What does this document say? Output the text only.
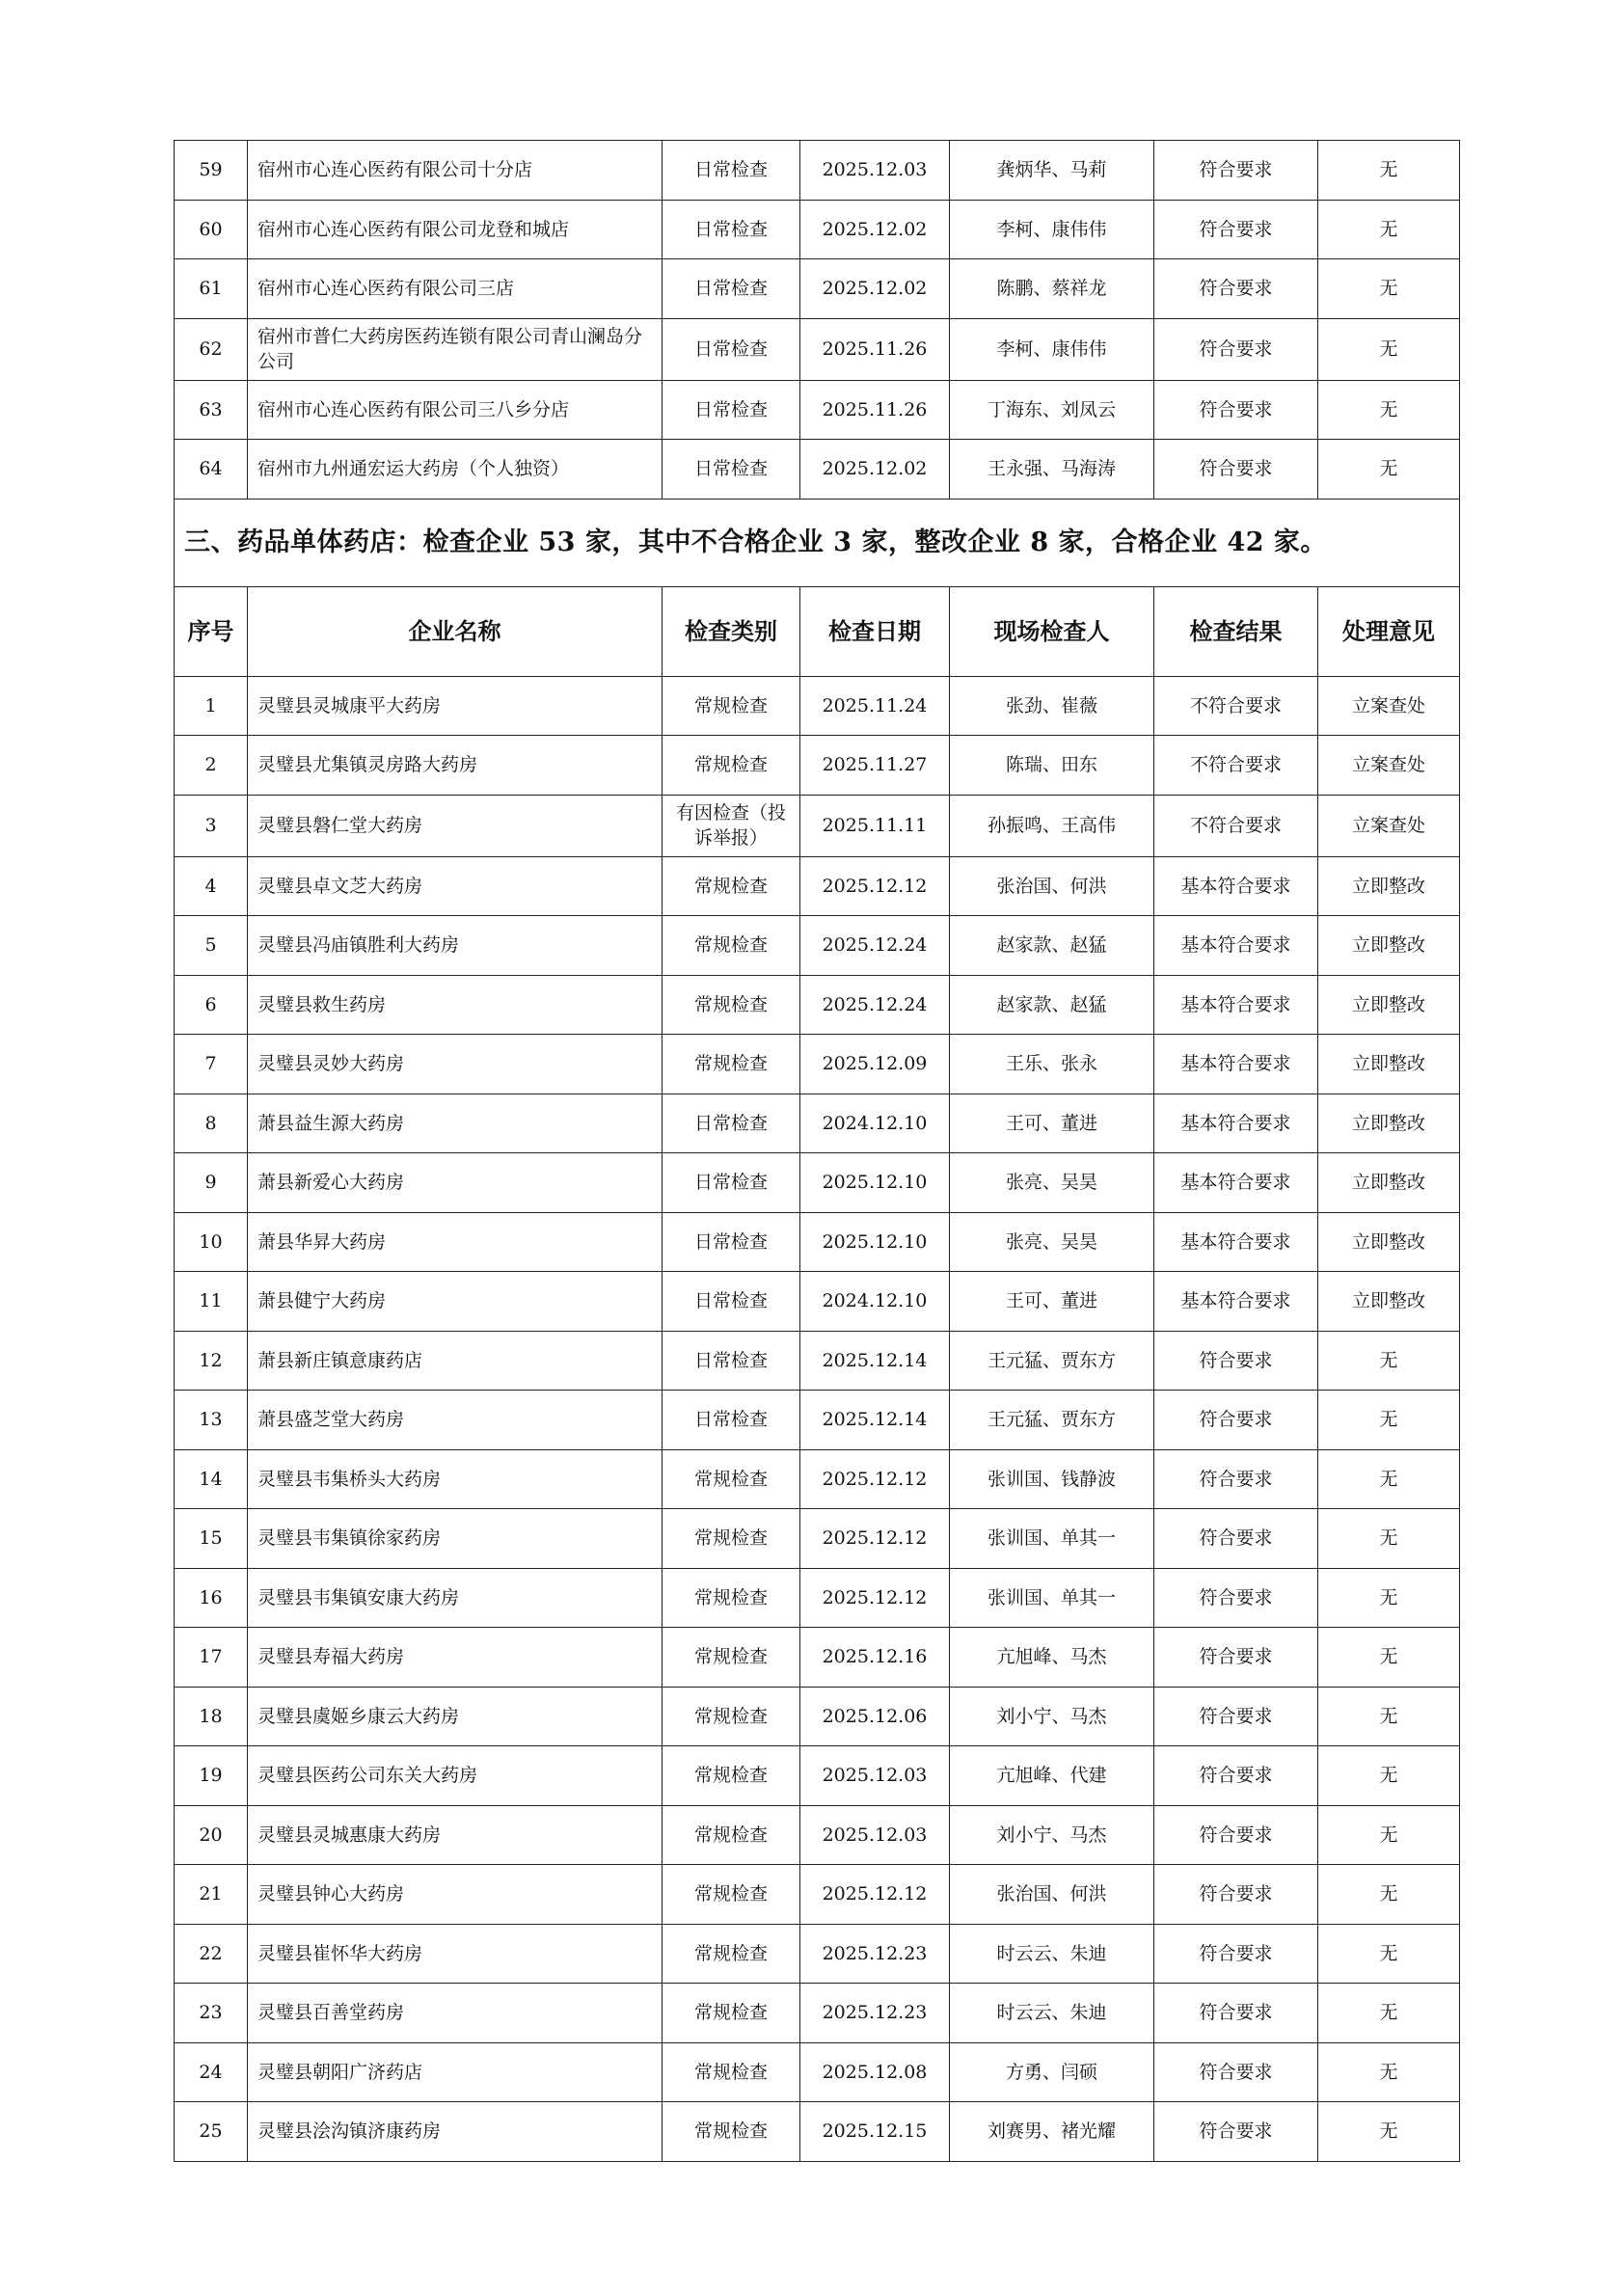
59	宿州市心连心医药有限公司十分店	日常检查	2025.12.03	龚炳华、马莉	符合要求	无
60	宿州市心连心医药有限公司龙登和城店	日常检查	2025.12.02	李柯、康伟伟	符合要求	无
61	宿州市心连心医药有限公司三店	日常检查	2025.12.02	陈鹏、蔡祥龙	符合要求	无
62	宿州市普仁大药房医药连锁有限公司青山澜岛分公司	日常检查	2025.11.26	李柯、康伟伟	符合要求	无
63	宿州市心连心医药有限公司三八乡分店	日常检查	2025.11.26	丁海东、刘凤云	符合要求	无
64	宿州市九州通宏运大药房（个人独资）	日常检查	2025.12.02	王永强、马海涛	符合要求	无
三、药品单体药店：检查企业 53 家，其中不合格企业 3 家，整改企业 8 家，合格企业 42 家。						
序号	企业名称	检查类别	检查日期	现场检查人	检查结果	处理意见
1	灵璧县灵城康平大药房	常规检查	2025.11.24	张劲、崔薇	不符合要求	立案查处
2	灵璧县尤集镇灵房路大药房	常规检查	2025.11.27	陈瑞、田东	不符合要求	立案查处
3	灵璧县磐仁堂大药房	有因检查（投诉举报）	2025.11.11	孙振鸣、王高伟	不符合要求	立案查处
4	灵璧县卓文芝大药房	常规检查	2025.12.12	张治国、何洪	基本符合要求	立即整改
5	灵璧县冯庙镇胜利大药房	常规检查	2025.12.24	赵家款、赵猛	基本符合要求	立即整改
6	灵璧县救生药房	常规检查	2025.12.24	赵家款、赵猛	基本符合要求	立即整改
7	灵璧县灵妙大药房	常规检查	2025.12.09	王乐、张永	基本符合要求	立即整改
8	萧县益生源大药房	日常检查	2024.12.10	王可、董进	基本符合要求	立即整改
9	萧县新爱心大药房	日常检查	2025.12.10	张亮、吴昊	基本符合要求	立即整改
10	萧县华昇大药房	日常检查	2025.12.10	张亮、吴昊	基本符合要求	立即整改
11	萧县健宁大药房	日常检查	2024.12.10	王可、董进	基本符合要求	立即整改
12	萧县新庄镇意康药店	日常检查	2025.12.14	王元猛、贾东方	符合要求	无
13	萧县盛芝堂大药房	日常检查	2025.12.14	王元猛、贾东方	符合要求	无
14	灵璧县韦集桥头大药房	常规检查	2025.12.12	张训国、钱静波	符合要求	无
15	灵璧县韦集镇徐家药房	常规检查	2025.12.12	张训国、单其一	符合要求	无
16	灵璧县韦集镇安康大药房	常规检查	2025.12.12	张训国、单其一	符合要求	无
17	灵璧县寿福大药房	常规检查	2025.12.16	亢旭峰、马杰	符合要求	无
18	灵璧县虞姬乡康云大药房	常规检查	2025.12.06	刘小宁、马杰	符合要求	无
19	灵璧县医药公司东关大药房	常规检查	2025.12.03	亢旭峰、代建	符合要求	无
20	灵璧县灵城惠康大药房	常规检查	2025.12.03	刘小宁、马杰	符合要求	无
21	灵璧县钟心大药房	常规检查	2025.12.12	张治国、何洪	符合要求	无
22	灵璧县崔怀华大药房	常规检查	2025.12.23	时云云、朱迪	符合要求	无
23	灵璧县百善堂药房	常规检查	2025.12.23	时云云、朱迪	符合要求	无
24	灵璧县朝阳广济药店	常规检查	2025.12.08	方勇、闫硕	符合要求	无
25	灵璧县浍沟镇济康药房	常规检查	2025.12.15	刘赛男、褚光耀	符合要求	无
